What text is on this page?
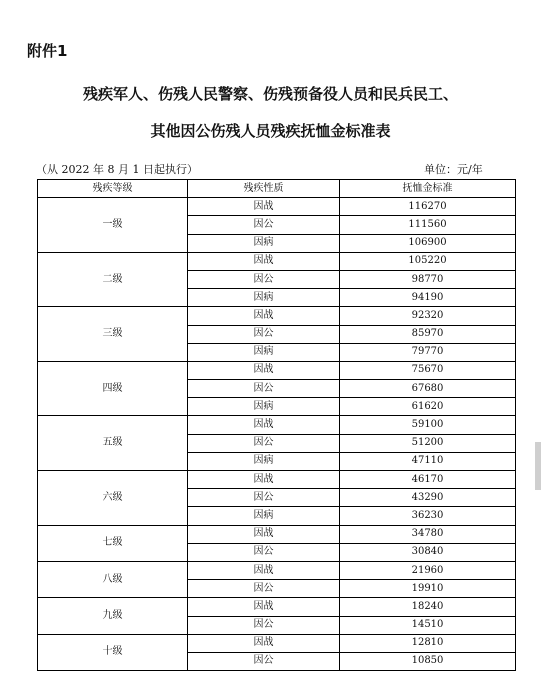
附件1
残疾军人、伤残人民警察、伤残预备役人员和民兵民工、
其他因公伤残人员残疾抚恤金标准表
（从 2022 年 8 月 1 日起执行）	单位：元/年
残疾等级	残疾性质	抚恤金标准
一级	因战	116270
	因公	111560
	因病	106900
二级	因战	105220
	因公	98770
	因病	94190
三级	因战	92320
	因公	85970
	因病	79770
四级	因战	75670
	因公	67680
	因病	61620
五级	因战	59100
	因公	51200
	因病	47110
六级	因战	46170
	因公	43290
	因病	36230
七级	因战	34780
	因公	30840
八级	因战	21960
	因公	19910
九级	因战	18240
	因公	14510
十级	因战	12810
	因公	10850
